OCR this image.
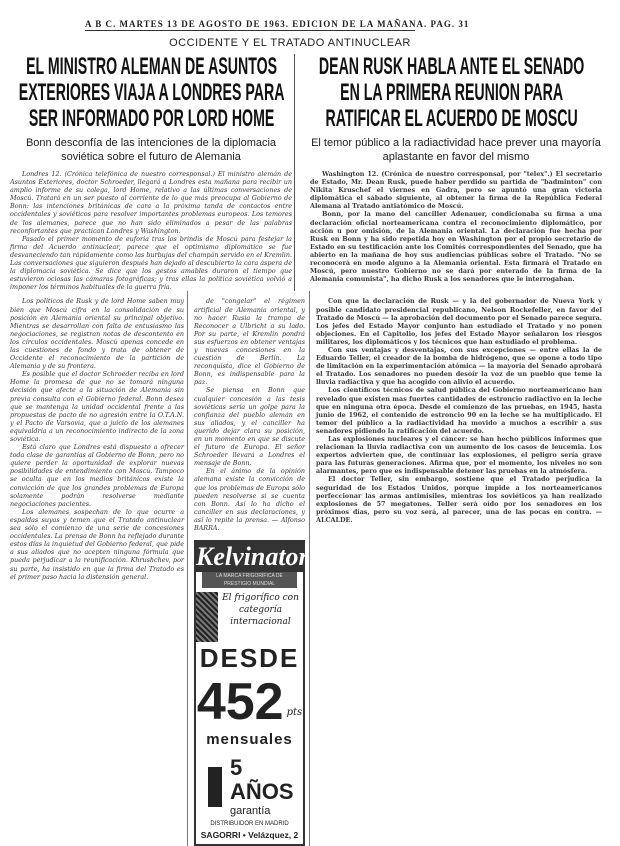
A B C. MARTES 13 DE AGOSTO DE 1963. EDICION DE LA MAÑANA. PAG. 31
OCCIDENTE Y EL TRATADO ANTINUCLEAR
EL MINISTRO ALEMAN DE ASUNTOS EXTERIORES VIAJA A LONDRES PARA SER INFORMADO POR LORD HOME
Bonn desconfía de las intenciones de la diplomacia soviética sobre el futuro de Alemania

Londres 12. (Crónica telefónica de nuestro corresponsal.) El ministro alemán de Asuntos Exteriores, doctor Schroeder, llegará a Londres esta mañana para recibir un amplio informe de su colega, lord Home, relativo a las últimas conversaciones de Moscú. Tratará en un ser puesto al corriente de lo que más preocupa al Gobierno de Bonn: las intenciones británicas de cara a la próxima tanda de contactos entre occidentales y soviéticos para resolver importantes problemas europeos. Los temores de los alemanes, parece que no han sido eliminados a pesar de las palabras reconfortantes que practican Londres y Washington.

Pasado el primer momento de euforia tras los brindis de Moscú para festejar la firma del Acuerdo antinuclear, parece que el optimismo diplomático se fue desvaneciendo tan rápidamente como las burbujas del champán servido en el Kremlin. Las conversaciones que siguieron después han dejado al descubierto la cara áspera de la diplomacia soviética. Se dice que los gestos amables duraron el tiempo que estuvieron ociosas las cámaras fotográficas; y tras ellas la política soviética volvió a imponer los términos habituales de la guerra fría.

DEAN RUSK HABLA ANTE EL SENADO EN LA PRIMERA REUNION PARA RATIFICAR EL ACUERDO DE MOSCU
El temor público a la radiactividad hace prever una mayoría aplastante en favor del mismo

Washington 12. (Crónica de nuestro corresponsal, por "telex".) El secretario de Estado, Mr. Dean Rusk, puede haber perdido su partida de "badminton" con Nikita Kruschef el viernes en Gadra, pero se apuntó una gran victoria diplomática el sábado siguiente, al obtener la firma de la República Federal Alemana al Tratado antiatómico de Moscú.

Bonn, por la mano del canciller Adenauer, condicionaba su firma a una declaración oficial norteamericana contra el reconocimiento diplomático, por acción u por omisión, de la Alemania oriental. La declaración fue hecha por Rusk en Bonn y ha sido repetida hoy en Washington por el propio secretario de Estado en su testificación ante los Comités correspondientes del Senado, que ha abierto en la mañana de hoy sus audiencias públicas sobre el Tratado. "No se reconocerá en modo alguno a la Alemania oriental. Esta firmará el Tratado en Moscú, pero nuestro Gobierno no se dará por enterado de la firma de la Alemania comunista", ha dicho Rusk a los senadores que le interrogaban.

Los políticos de Rusk y de lord Home saben muy bien que Moscú cifra en la consolidación de su posición en Alemania oriental su principal objetivo. Mientras se desarrollan con falta de entusiasmo las negociaciones, se registran notas de descontento en los círculos occidentales. Moscú apenas concede en las cuestiones de fondo y trata de obtener de Occidente el reconocimiento de la partición de Alemania y de su frontera.

Es posible que el doctor Schroeder reciba en lord Home la promesa de que no se tomará ninguna decisión que afecte a la situación de Alemania sin previa consulta con el Gobierno federal. Bonn desea que se mantenga la unidad occidental frente a las propuestas de pacto de no agresión entre la O.T.A.N. y el Pacto de Varsovia, que a juicio de los alemanes equivaldría a un reconocimiento indirecto de la zona soviética.

Está claro que Londres está dispuesto a ofrecer toda clase de garantías al Gobierno de Bonn, pero no quiere perder la oportunidad de explorar nuevas posibilidades de entendimiento con Moscú. Tampoco se oculta que en los medios británicos existe la convicción de que los grandes problemas de Europa solamente podrán resolverse mediante negociaciones pacientes.

Los alemanes sospechan de lo que ocurre a espaldas suyas y temen que el Tratado antinuclear sea sólo el comienzo de una serie de concesiones occidentales. La prensa de Bonn ha reflejado durante estos días la inquietud del Gobierno federal, que pide a sus aliados que no acepten ninguna fórmula que pueda perjudicar a la reunificación. Khrushchev, por su parte, ha insistido en que la firma del Tratado es el primer paso hacia la distensión general.

de "congelar" el régimen artificial de Alemania oriental, y no hacer Rusia la trampa de Reconocer a Ulbricht a su lado. Por su parte, el Kremlin pondrá sus esfuerzos en obtener ventajas y nuevas concesiones en la cuestión de Berlín. La reconquista, dice el Gobierno de Bonn, es indispensable para la paz.

Se piensa en Bonn que cualquier concesión a las tesis soviéticas sería un golpe para la confianza del pueblo alemán en sus aliados, y el canciller ha querido dejar clara su posición, en un momento en que se discute el futuro de Europa. El señor Schroeder llevará a Londres el mensaje de Bonn.

En el ánimo de la opinión alemana existe la convicción de que los problemas de Europa sólo pueden resolverse si se cuenta con Bonn. Así lo ha dicho el canciller en sus declaraciones, y así lo repite la prensa. — Alfonso BARRA.

Kelvinator
LA MARCA FRIGORÍFICA DE PRESTIGIO MUNDIAL
El frigorífico con categoría internacional
DESDE
452 pts
mensuales
5 AÑOS
garantía
DISTRIBUIDOR EN MADRID
SAGORRI • Velázquez, 2

Con que la declaración de Rusk — y la del gobernador de Nueva York y posible candidato presidencial republicano, Nelson Rockefeller, en favor del Tratado de Moscú — la aprobación del documento por el Senado parece segura. Los jefes del Estado Mayor conjunto han estudiado el Tratado y no ponen objeciones. En el Capitolio, los jefes del Estado Mayor señalaron los riesgos militares, los diplomáticos y los técnicos que han estudiado el problema.

Con sus ventajas y desventajas, con sus excepciones — entre ellas la de Eduardo Teller, el creador de la bomba de hidrógeno, que se opone a todo tipo de limitación en la experimentación atómica — la mayoría del Senado aprobará el Tratado. Los senadores no pueden desoír la voz de un pueblo que teme la lluvia radiactiva y que ha acogido con alivio el acuerdo.

Los científicos técnicos de salud pública del Gobierno norteamericano han revelado que existen mas fuertes cantidades de estroncio radiactivo en la leche que en ninguna otra época. Desde el comienzo de las pruebas, en 1945, hasta junio de 1962, el contenido de estroncio 90 en la leche se ha multiplicado. El temor del público a la radiactividad ha movido a muchos a escribir a sus senadores pidiendo la ratificación del acuerdo.

Las explosiones nucleares y el cáncer: se han hecho públicos informes que relacionan la lluvia radiactiva con un aumento de los casos de leucemia. Los expertos advierten que, de continuar las explosiones, el peligro sería grave para las futuras generaciones. Afirma que, por el momento, los niveles no son alarmantes, pero que es indispensable detener las pruebas en la atmósfera.

El doctor Teller, sin embargo, sostiene que el Tratado perjudica la seguridad de los Estados Unidos, porque impide a los norteamericanos perfeccionar las armas antimisiles, mientras los soviéticos ya han realizado explosiones de 57 megatones. Teller será oído por los senadores en los próximos días, pero su voz será, al parecer, una de las pocas en contra. — ALCALDE.
